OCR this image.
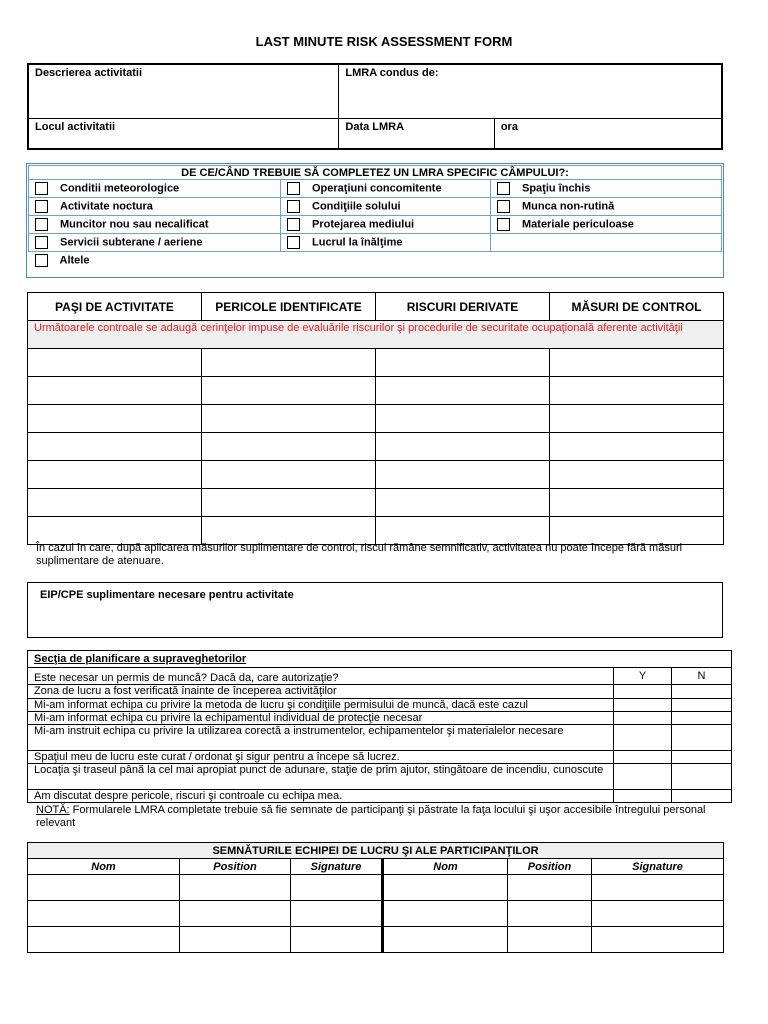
LAST MINUTE RISK ASSESSMENT FORM
Descrierea activitatii	LMRA condus de:	
Locul activitatii	Data LMRA	ora
DE CE/CÂND TREBUIE SĂ COMPLETEZ UN LMRA SPECIFIC CÂMPULUI?:		
Conditii meteorologice	Operaţiuni concomitente	Spaţiu închis
Activitate noctura	Condiţiile solului	Munca non-rutină
Muncitor nou sau necalificat	Protejarea mediului	Materiale periculoase
Servicii subterane / aeriene	Lucrul la înălţime	
Altele		
PAŞI DE ACTIVITATE	PERICOLE IDENTIFICATE	RISCURI DERIVATE	MĂSURI DE CONTROL
Următoarele controale se adaugă cerinţelor impuse de evaluările riscurilor şi procedurile de securitate ocupaţională aferente activităţii			

În cazul în care, după aplicarea măsurilor suplimentare de control, riscul rămâne semnificativ, activitatea nu poate începe fără măsuri suplimentare de atenuare.
EIP/CPE suplimentare necesare pentru activitate
Secţia de planificare a supraveghetorilor		
Este necesar un permis de muncă? Dacă da, care autorizaţie?	Y	N
Zona de lucru a fost verificată înainte de începerea activităţilor		
Mi-am informat echipa cu privire la metoda de lucru şi condiţiile permisului de muncă, dacă este cazul		
Mi-am informat echipa cu privire la echipamentul individual de protecţie necesar		
Mi-am instruit echipa cu privire la utilizarea corectă a instrumentelor, echipamentelor şi materialelor necesare		
Spaţiul meu de lucru este curat / ordonat şi sigur pentru a începe să lucrez.		
Locaţia şi traseul până la cel mai apropiat punct de adunare, staţie de prim ajutor, stingătoare de incendiu, cunoscute		
Am discutat despre pericole, riscuri şi controale cu echipa mea.		
NOTĂ: Formularele LMRA completate trebuie să fie semnate de participanţi şi păstrate la faţa locului şi uşor accesibile întregului personal relevant
SEMNĂTURILE ECHIPEI DE LUCRU ŞI ALE PARTICIPANŢILOR					
Nom	Position	Signature	Nom	Position	Signature
